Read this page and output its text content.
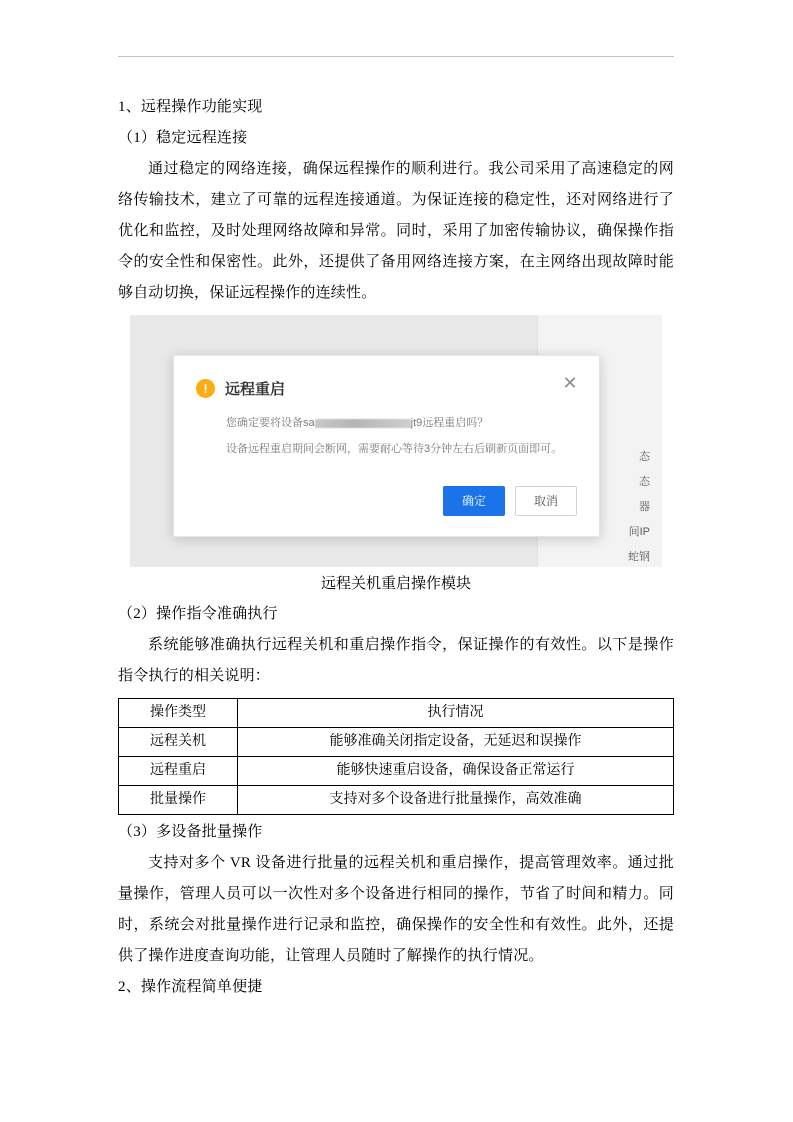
1、远程操作功能实现

（1）稳定远程连接

通过稳定的网络连接，确保远程操作的顺利进行。我公司采用了高速稳定的网络传输技术，建立了可靠的远程连接通道。为保证连接的稳定性，还对网络进行了优化和监控，及时处理网络故障和异常。同时，采用了加密传输协议，确保操作指令的安全性和保密性。此外，还提供了备用网络连接方案，在主网络出现故障时能够自动切换，保证远程操作的连续性。

态
态
器
间IP
蛇钢
!	远程重启	✕
您确定要将设备sa	jt9远程重启吗？
设备远程重启期间会断网，需要耐心等待3分钟左右后刷新页面即可。
确定	取消
远程关机重启操作模块

（2）操作指令准确执行

系统能够准确执行远程关机和重启操作指令，保证操作的有效性。以下是操作指令执行的相关说明：

操作类型	执行情况
远程关机	能够准确关闭指定设备，无延迟和误操作
远程重启	能够快速重启设备，确保设备正常运行
批量操作	支持对多个设备进行批量操作，高效准确

（3）多设备批量操作

支持对多个 VR 设备进行批量的远程关机和重启操作，提高管理效率。通过批量操作，管理人员可以一次性对多个设备进行相同的操作，节省了时间和精力。同时，系统会对批量操作进行记录和监控，确保操作的安全性和有效性。此外，还提供了操作进度查询功能，让管理人员随时了解操作的执行情况。

2、操作流程简单便捷
